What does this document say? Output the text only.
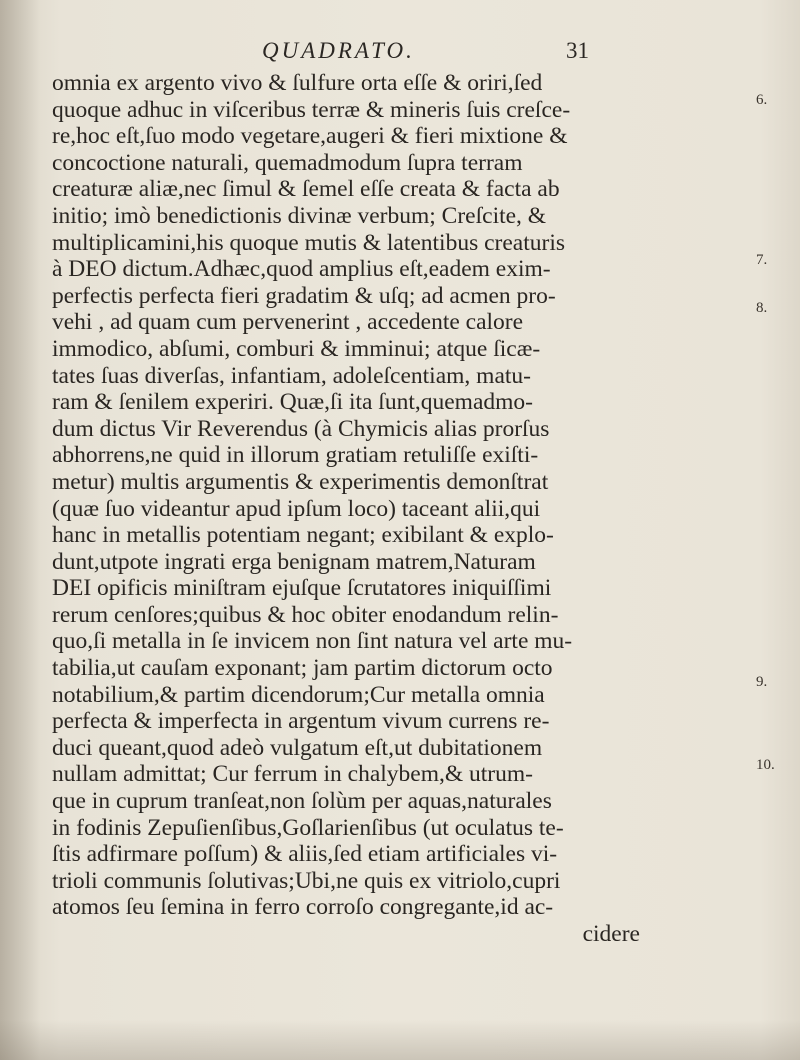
QUADRATO.	31
omnia ex argento vivo & ſulfure orta eſſe & oriri,ſed
quoque adhuc in viſceribus terræ & mineris ſuis creſce-
re,hoc eſt,ſuo modo vegetare,augeri & fieri mixtione &
concoctione naturali, quemadmodum ſupra terram
creaturæ aliæ,nec ſimul & ſemel eſſe creata & facta ab
initio; imò benedictionis divinæ verbum; Creſcite, &
multiplicamini,his quoque mutis & latentibus creaturis
à DEO dictum.Adhæc,quod amplius eſt,eadem exim-
perfectis perfecta fieri gradatim & uſq; ad acmen pro-
vehi , ad quam cum pervenerint , accedente calore
immodico, abſumi, comburi & imminui; atque ſicæ-
tates ſuas diverſas, infantiam, adoleſcentiam, matu-
ram & ſenilem experiri. Quæ,ſi ita ſunt,quemadmo-
dum dictus Vir Reverendus (à Chymicis alias prorſus
abhorrens,ne quid in illorum gratiam retuliſſe exiſti-
metur) multis argumentis & experimentis demonſtrat
(quæ ſuo videantur apud ipſum loco) taceant alii,qui
hanc in metallis potentiam negant; exibilant & explo-
dunt,utpote ingrati erga benignam matrem,Naturam
DEI opificis miniſtram ejuſque ſcrutatores iniquiſſimi
rerum cenſores;quibus & hoc obiter enodandum relin-
quo,ſi metalla in ſe invicem non ſint natura vel arte mu-
tabilia,ut cauſam exponant; jam partim dictorum octo
notabilium,& partim dicendorum;Cur metalla omnia
perfecta & imperfecta in argentum vivum currens re-
duci queant,quod adeò vulgatum eſt,ut dubitationem
nullam admittat; Cur ferrum in chalybem,& utrum-
que in cuprum tranſeat,non ſolùm per aquas,naturales
in fodinis Zepuſienſibus,Goſlarienſibus (ut oculatus te-
ſtis adfirmare poſſum) & aliis,ſed etiam artificiales vi-
trioli communis ſolutivas;Ubi,ne quis ex vitriolo,cupri
atomos ſeu ſemina in ferro corroſo congregante,id ac-
cidere
6.
7.
8.
9.
10.
